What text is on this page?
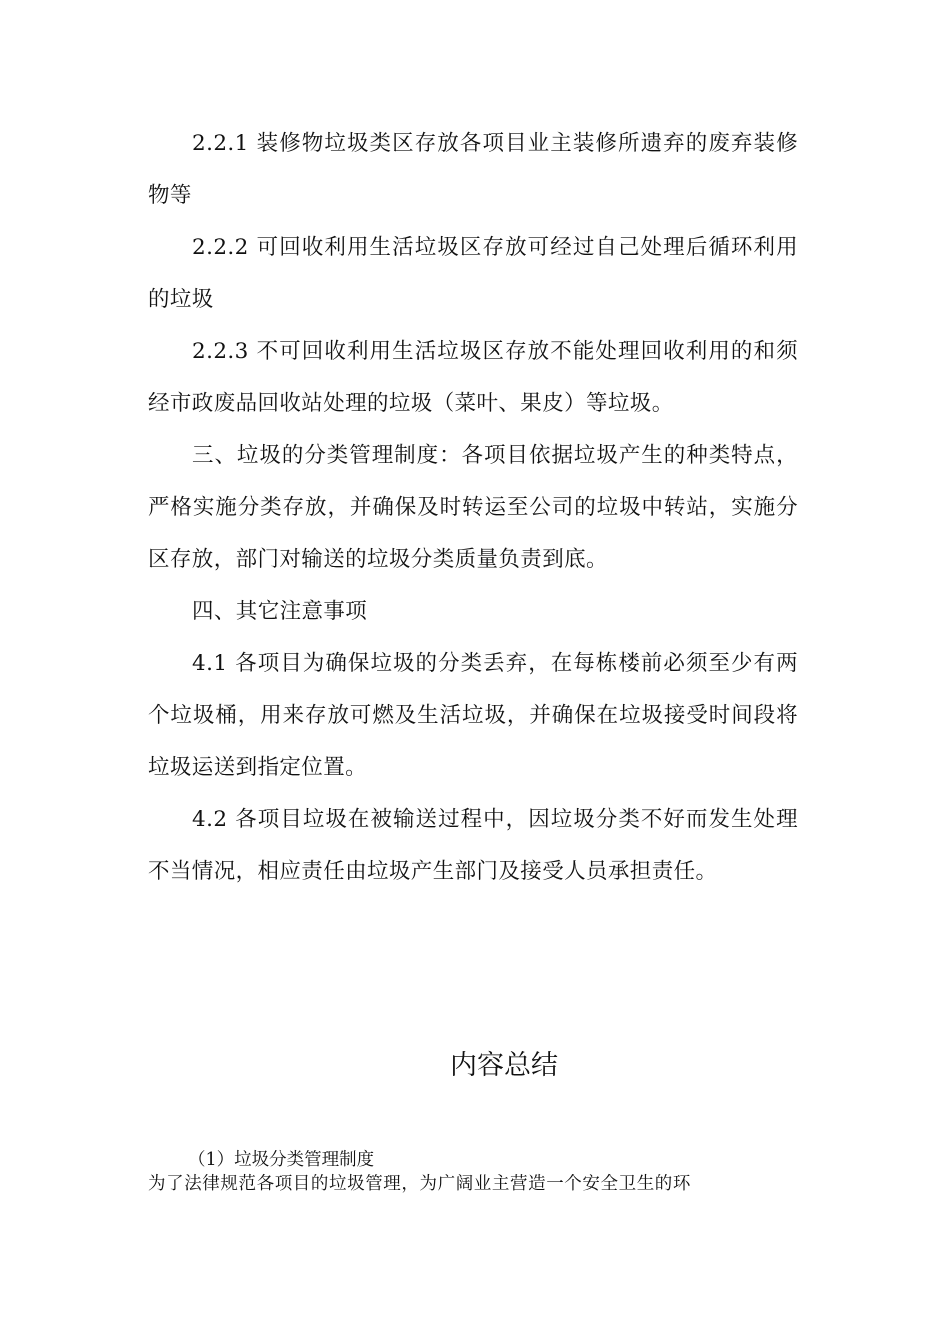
2.2.1 装修物垃圾类区存放各项目业主装修所遗弃的废弃装修物等

2.2.2 可回收利用生活垃圾区存放可经过自己处理后循环利用的垃圾

2.2.3 不可回收利用生活垃圾区存放不能处理回收利用的和须经市政废品回收站处理的垃圾（菜叶、果皮）等垃圾。

三、垃圾的分类管理制度：各项目依据垃圾产生的种类特点，严格实施分类存放，并确保及时转运至公司的垃圾中转站，实施分区存放，部门对输送的垃圾分类质量负责到底。

四、其它注意事项

4.1 各项目为确保垃圾的分类丢弃，在每栋楼前必须至少有两个垃圾桶，用来存放可燃及生活垃圾，并确保在垃圾接受时间段将垃圾运送到指定位置。

4.2 各项目垃圾在被输送过程中，因垃圾分类不好而发生处理不当情况，相应责任由垃圾产生部门及接受人员承担责任。

内容总结
（1）垃圾分类管理制度
为了法律规范各项目的垃圾管理，为广阔业主营造一个安全卫生的环
